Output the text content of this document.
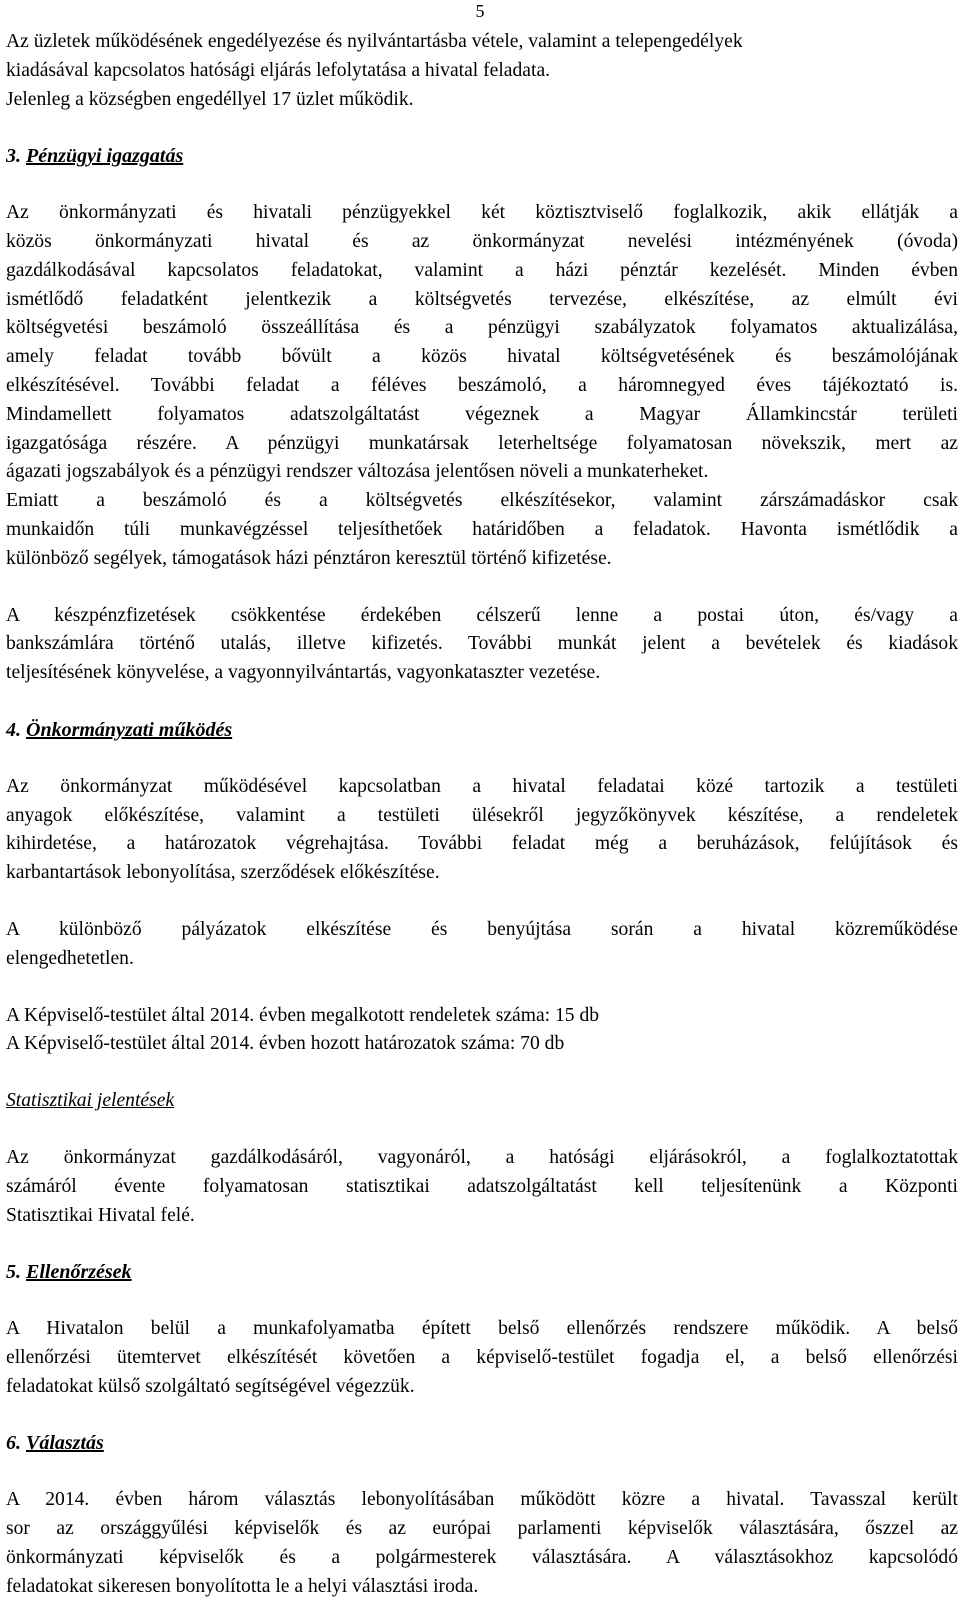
5
Az üzletek működésének engedélyezése és nyilvántartásba vétele, valamint a telepengedélyek
kiadásával kapcsolatos hatósági eljárás lefolytatása a hivatal feladata.
Jelenleg a községben engedéllyel 17 üzlet működik.
3. Pénzügyi igazgatás
Az önkormányzati és hivatali pénzügyekkel két köztisztviselő foglalkozik, akik ellátják a
közös önkormányzati hivatal és az önkormányzat nevelési intézményének (óvoda)
gazdálkodásával kapcsolatos feladatokat, valamint a házi pénztár kezelését. Minden évben
ismétlődő feladatként jelentkezik a költségvetés tervezése, elkészítése, az elmúlt évi
költségvetési beszámoló összeállítása és a pénzügyi szabályzatok folyamatos aktualizálása,
amely feladat tovább bővült a közös hivatal költségvetésének és beszámolójának
elkészítésével. További feladat a féléves beszámoló, a háromnegyed éves tájékoztató is.
Mindamellett folyamatos adatszolgáltatást végeznek a Magyar Államkincstár területi
igazgatósága részére. A pénzügyi munkatársak leterheltsége folyamatosan növekszik, mert az
ágazati jogszabályok és a pénzügyi rendszer változása jelentősen növeli a munkaterheket.
Emiatt a beszámoló és a költségvetés elkészítésekor, valamint zárszámadáskor csak
munkaidőn túli munkavégzéssel teljesíthetőek határidőben a feladatok. Havonta ismétlődik a
különböző segélyek, támogatások házi pénztáron keresztül történő kifizetése.
A készpénzfizetések csökkentése érdekében célszerű lenne a postai úton, és/vagy a
bankszámlára történő utalás, illetve kifizetés. További munkát jelent a bevételek és kiadások
teljesítésének könyvelése, a vagyonnyilvántartás, vagyonkataszter vezetése.
4. Önkormányzati működés
Az önkormányzat működésével kapcsolatban a hivatal feladatai közé tartozik a testületi
anyagok előkészítése, valamint a testületi ülésekről jegyzőkönyvek készítése, a rendeletek
kihirdetése, a határozatok végrehajtása. További feladat még a beruházások, felújítások és
karbantartások lebonyolítása, szerződések előkészítése.
A különböző pályázatok elkészítése és benyújtása során a hivatal közreműködése
elengedhetetlen.
A Képviselő-testület által 2014. évben megalkotott rendeletek száma: 15 db
A Képviselő-testület által 2014. évben hozott határozatok száma: 70 db
Statisztikai jelentések
Az önkormányzat gazdálkodásáról, vagyonáról, a hatósági eljárásokról, a foglalkoztatottak
számáról évente folyamatosan statisztikai adatszolgáltatást kell teljesítenünk a Központi
Statisztikai Hivatal felé.
5. Ellenőrzések
A Hivatalon belül a munkafolyamatba épített belső ellenőrzés rendszere működik. A belső
ellenőrzési ütemtervet elkészítését követően a képviselő-testület fogadja el, a belső ellenőrzési
feladatokat külső szolgáltató segítségével végezzük.
6. Választás
A 2014. évben három választás lebonyolításában működött közre a hivatal. Tavasszal került
sor az országgyűlési képviselők és az európai parlamenti képviselők választására, őszzel az
önkormányzati képviselők és a polgármesterek választására. A választásokhoz kapcsolódó
feladatokat sikeresen bonyolította le a helyi választási iroda.
